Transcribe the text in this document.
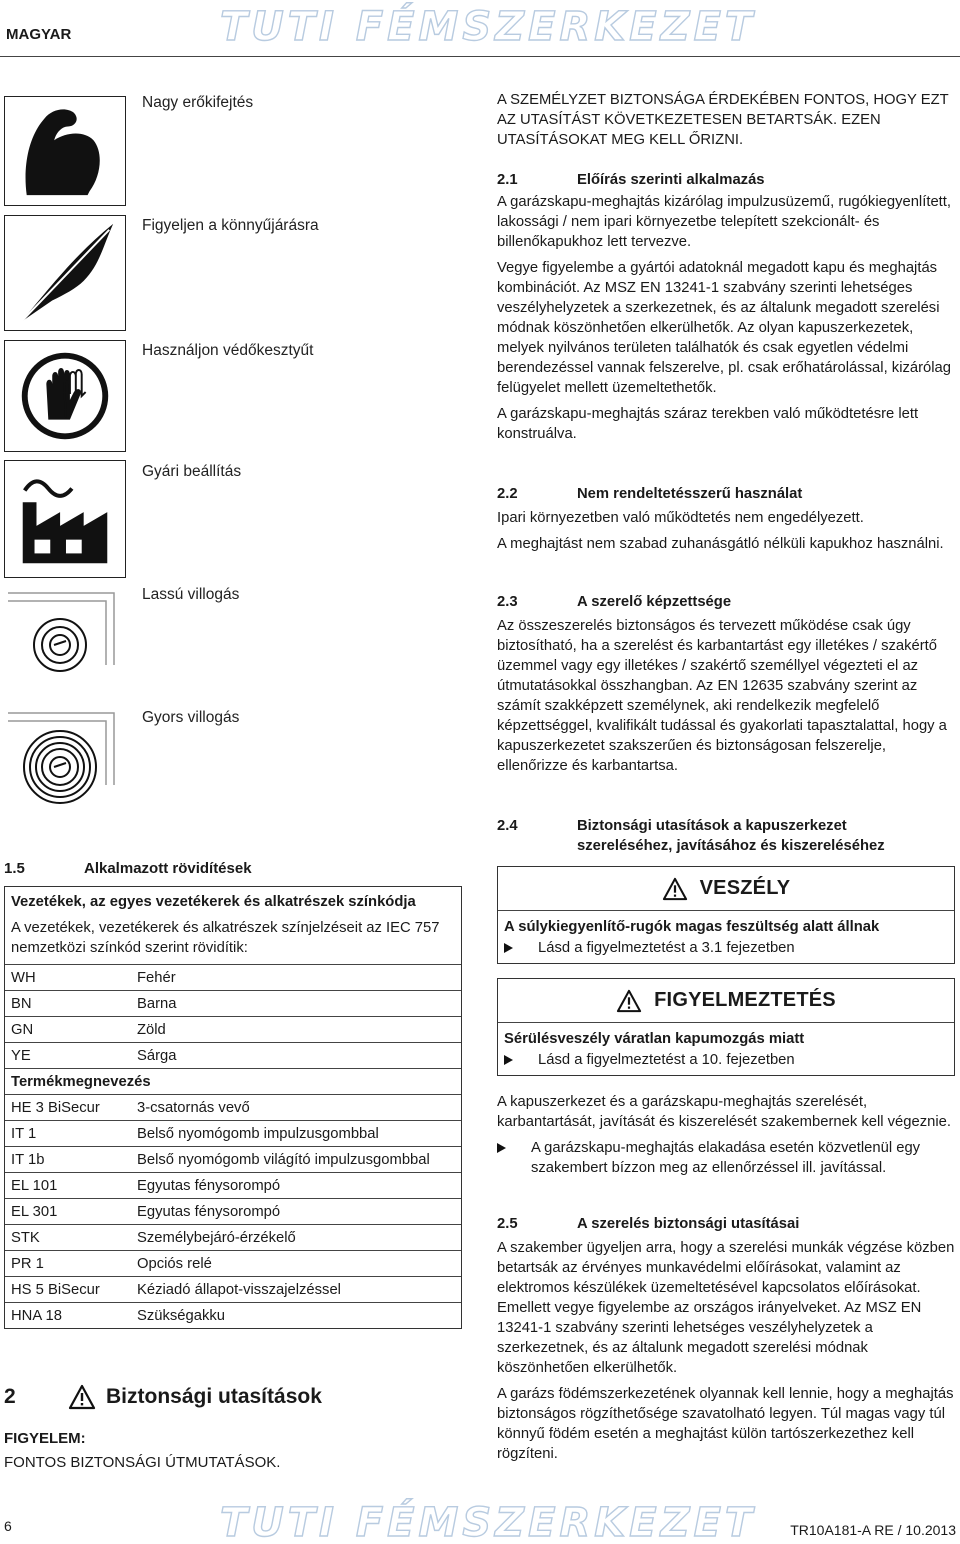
MAGYAR	TUTI FÉMSZERKEZET
Nagy erőkifejtés
Figyeljen a könnyűjárásra
Használjon védőkesztyűt
Gyári beállítás
Lassú villogás
Gyors villogás
1.5	Alkalmazott rövidítések
Vezetékek, az egyes vezetékerek és alkatrészek színkódja
A vezetékek, vezetékerek és alkatrészek színjelzéseit az IEC 757 nemzetközi színkód szerint rövidítik:
WH	Fehér
BN	Barna
GN	Zöld
YE	Sárga
Termékmegnevezés
HE 3 BiSecur	3-csatornás vevő
IT 1	Belső nyomógomb impulzusgombbal
IT 1b	Belső nyomógomb világító impulzusgombbal
EL 101	Egyutas fénysorompó
EL 301	Egyutas fénysorompó
STK	Személybejáró-érzékelő
PR 1	Opciós relé
HS 5 BiSecur	Kéziadó állapot-visszajelzéssel
HNA 18	Szükségakku
2	Biztonsági utasítások
FIGYELEM:
FONTOS BIZTONSÁGI ÚTMUTATÁSOK.
A SZEMÉLYZET BIZTONSÁGA ÉRDEKÉBEN FONTOS, HOGY EZT AZ UTASÍTÁST KÖVETKEZETESEN BETARTSÁK. EZEN UTASÍTÁSOKAT MEG KELL ŐRIZNI.
2.1	Előírás szerinti alkalmazás

A garázskapu-meghajtás kizárólag impulzusüzemű, rugókiegyenlített, lakossági / nem ipari környezetbe telepített szekcionált- és billenőkapukhoz lett tervezve.

Vegye figyelembe a gyártói adatoknál megadott kapu és meghajtás kombinációt. Az MSZ EN 13241-1 szabvány szerinti lehetséges veszélyhelyzetek a szerkezetnek, és az általunk megadott szerelési módnak köszönhetően elkerülhetők. Az olyan kapuszerkezetek, melyek nyilvános területen találhatók és csak egyetlen védelmi berendezéssel vannak felszerelve, pl. csak erőhatárolással, kizárólag felügyelet mellett üzemeltethetők.

A garázskapu-meghajtás száraz terekben való működtetésre lett konstruálva.

2.2	Nem rendeltetésszerű használat

Ipari környezetben való működtetés nem engedélyezett.

A meghajtást nem szabad zuhanásgátló nélküli kapukhoz használni.

2.3	A szerelő képzettsége

Az összeszerelés biztonságos és tervezett működése csak úgy biztosítható, ha a szerelést és karbantartást egy illetékes / szakértő üzemmel vagy egy illetékes / szakértő személlyel végezteti el az útmutatásokkal összhangban. Az EN 12635 szabvány szerint az számít szakképzett személynek, aki rendelkezik megfelelő képzettséggel, kvalifikált tudással és gyakorlati tapasztalattal, hogy a kapuszerkezetet szakszerűen és biztonságosan felszerelje, ellenőrizze és karbantartsa.

2.4	Biztonsági utasítások a kapuszerkezet szereléséhez, javításához és kiszereléséhez
VESZÉLY
A súlykiegyenlítő-rugók magas feszültség alatt állnak
Lásd a figyelmeztetést a 3.1 fejezetben
FIGYELMEZTETÉS
Sérülésveszély váratlan kapumozgás miatt
Lásd a figyelmeztetést a 10. fejezetben

A kapuszerkezet és a garázskapu-meghajtás szerelését, karbantartását, javítását és kiszerelését szakembernek kell végeznie.

A garázskapu-meghajtás elakadása esetén közvetlenül egy szakembert bízzon meg az ellenőrzéssel ill. javítással.

2.5	A szerelés biztonsági utasításai

A szakember ügyeljen arra, hogy a szerelési munkák végzése közben betartsák az érvényes munkavédelmi előírásokat, valamint az elektromos készülékek üzemeltetésével kapcsolatos előírásokat. Emellett vegye figyelembe az országos irányelveket. Az MSZ EN 13241-1 szabvány szerinti lehetséges veszélyhelyzetek a szerkezetnek, és az általunk megadott szerelési módnak köszönhetően elkerülhetők.

A garázs födémszerkezetének olyannak kell lennie, hogy a meghajtás biztonságos rögzíthetősége szavatolható legyen. Túl magas vagy túl könnyű födém esetén a meghajtást külön tartószerkezethez kell rögzíteni.

TUTI FÉMSZERKEZET
6	TR10A181-A RE / 10.2013
